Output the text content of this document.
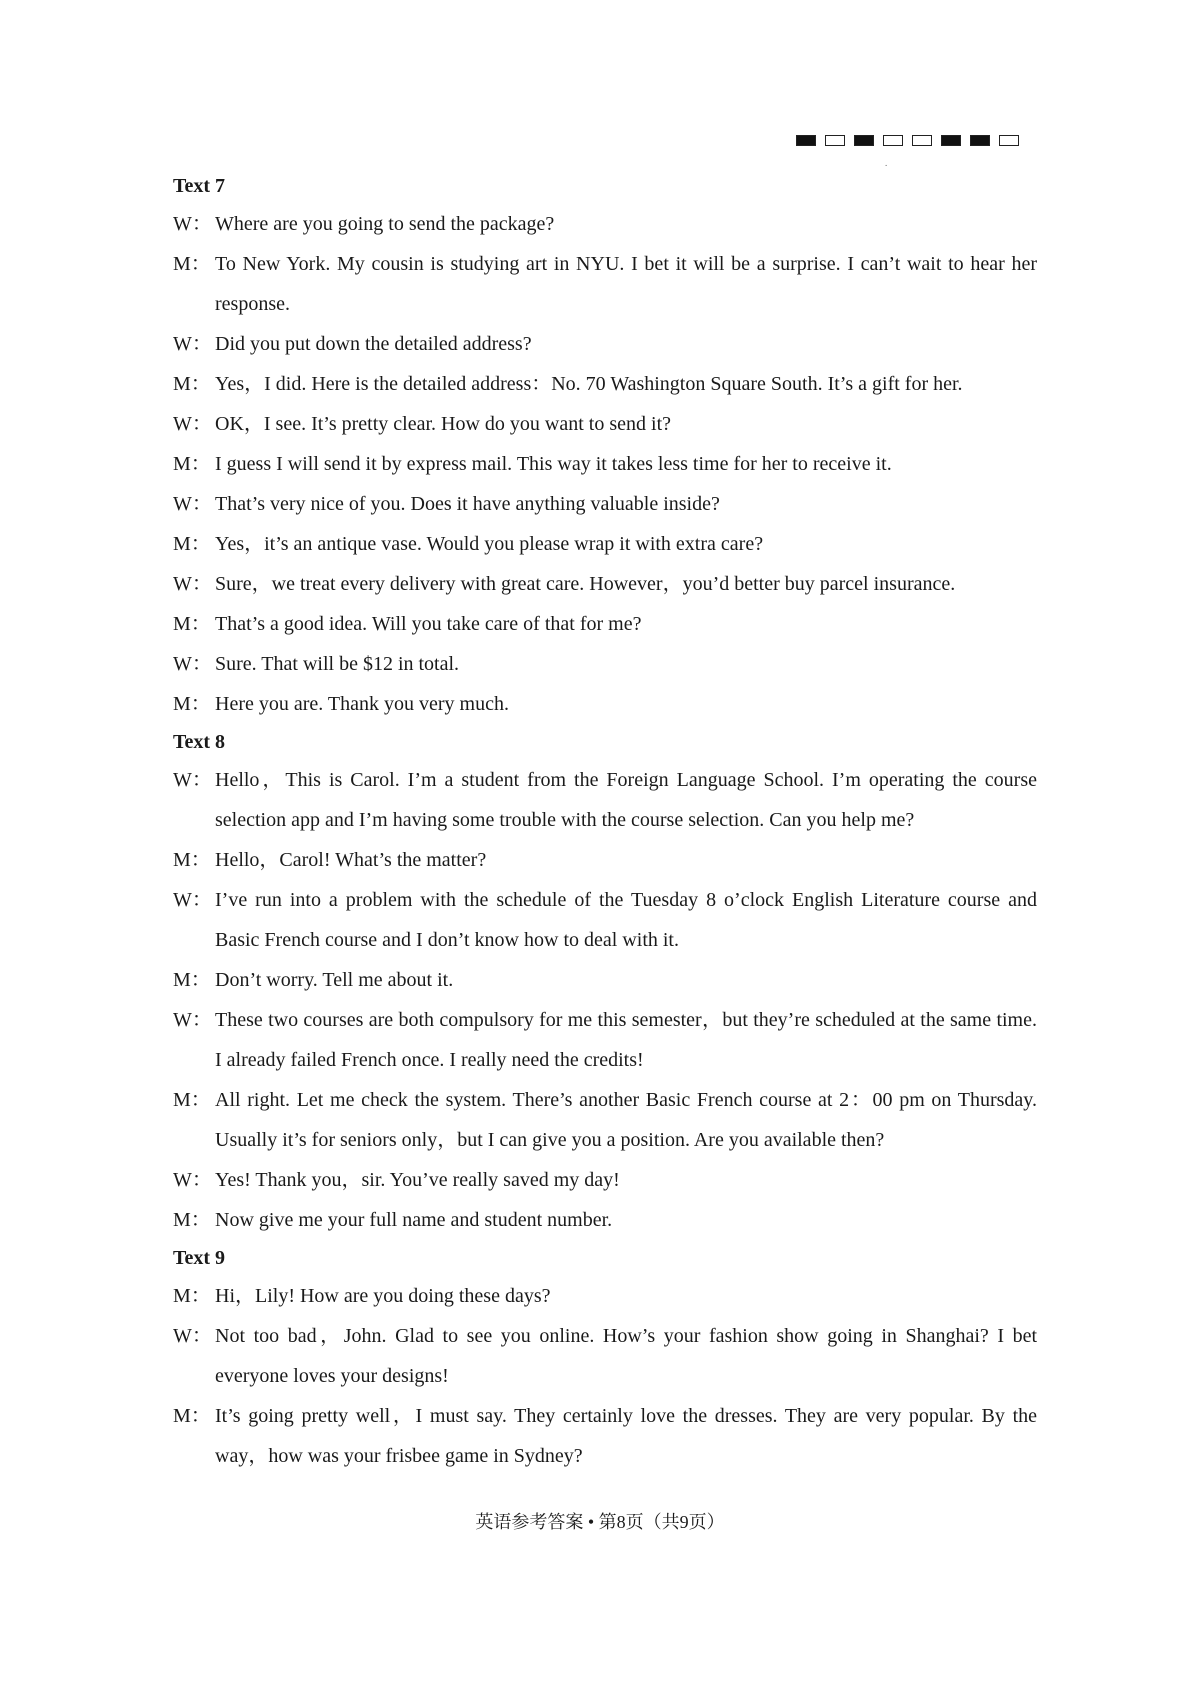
.
Text 7
W： Where are you going to send the package?
M： To New York. My cousin is studying art in NYU. I bet it will be a surprise. I can’t wait to hear her response.
W： Did you put down the detailed address?
M： Yes，I did. Here is the detailed address：No. 70 Washington Square South. It’s a gift for her.
W： OK，I see. It’s pretty clear. How do you want to send it?
M： I guess I will send it by express mail. This way it takes less time for her to receive it.
W： That’s very nice of you. Does it have anything valuable inside?
M： Yes，it’s an antique vase. Would you please wrap it with extra care?
W： Sure，we treat every delivery with great care. However，you’d better buy parcel insurance.
M： That’s a good idea. Will you take care of that for me?
W： Sure. That will be $12 in total.
M： Here you are. Thank you very much.
Text 8
W： Hello，This is Carol. I’m a student from the Foreign Language School. I’m operating the course selection app and I’m having some trouble with the course selection. Can you help me?
M： Hello，Carol! What’s the matter?
W： I’ve run into a problem with the schedule of the Tuesday 8 o’clock English Literature course and Basic French course and I don’t know how to deal with it.
M： Don’t worry. Tell me about it.
W： These two courses are both compulsory for me this semester，but they’re scheduled at the same time. I already failed French once. I really need the credits!
M： All right. Let me check the system. There’s another Basic French course at 2：00 pm on Thursday. Usually it’s for seniors only，but I can give you a position. Are you available then?
W： Yes! Thank you，sir. You’ve really saved my day!
M： Now give me your full name and student number.
Text 9
M： Hi，Lily! How are you doing these days?
W： Not too bad，John. Glad to see you online. How’s your fashion show going in Shanghai? I bet everyone loves your designs!
M： It’s going pretty well，I must say. They certainly love the dresses. They are very popular. By the way，how was your frisbee game in Sydney?
英语参考答案 • 第8页（共9页）
